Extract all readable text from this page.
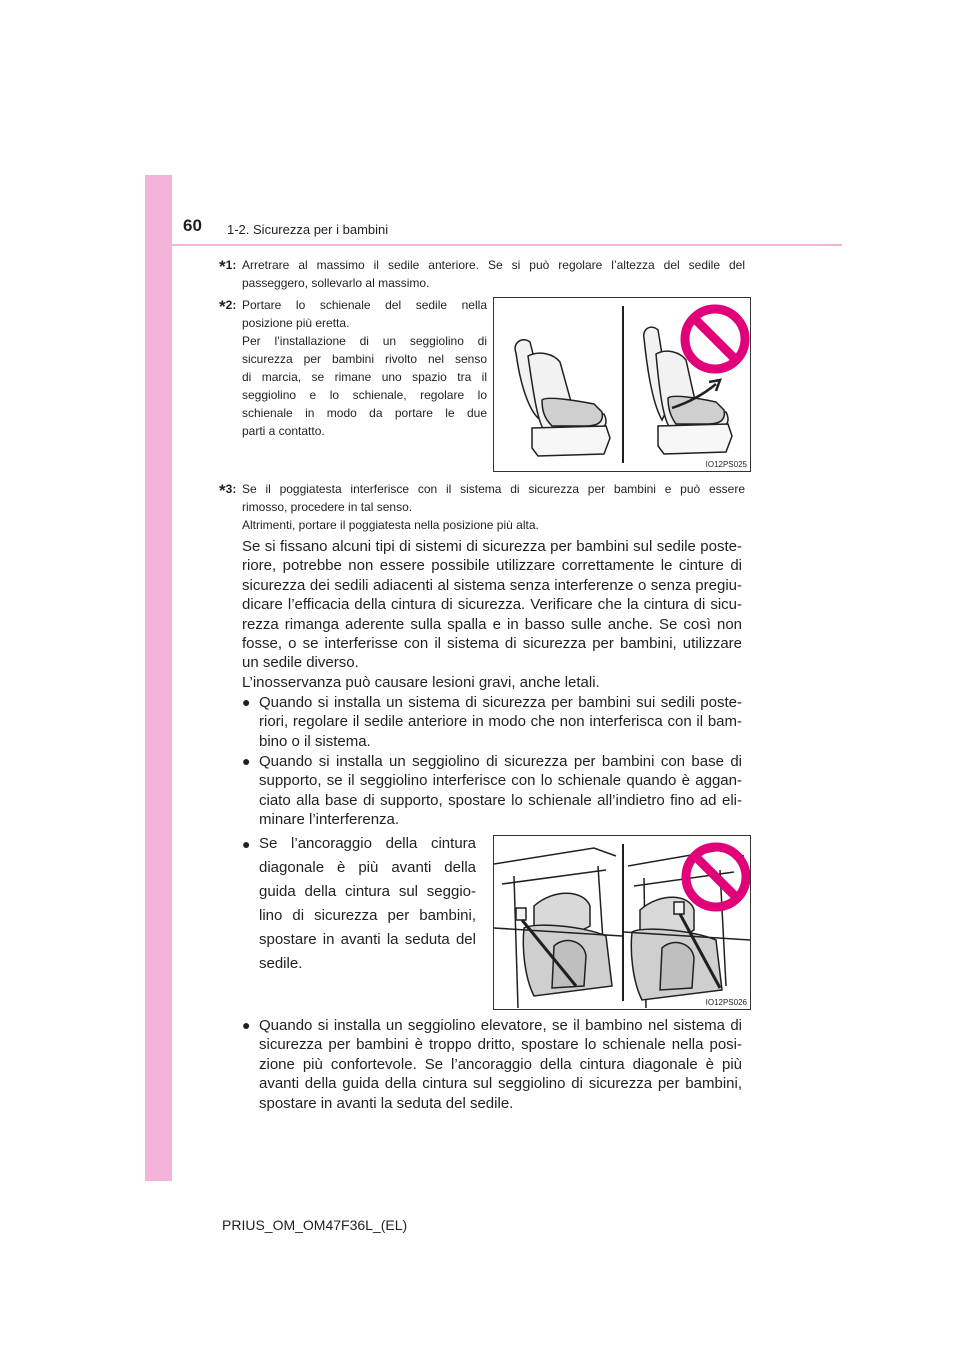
60 1-2. Sicurezza per i bambini
*1: Arretrare al massimo il sedile anteriore. Se si può regolare l’altezza del sedile del
passeggero, sollevarlo al massimo.
*2: Portare lo schienale del sedile nella
posizione più eretta.
Per l’installazione di un seggiolino di
sicurezza per bambini rivolto nel senso
di marcia, se rimane uno spazio tra il
seggiolino e lo schienale, regolare lo
schienale in modo da portare le due
parti a contatto.
IO12PS025
*3: Se il poggiatesta interferisce con il sistema di sicurezza per bambini e può essere
rimosso, procedere in tal senso.
Altrimenti, portare il poggiatesta nella posizione più alta.
Se si fissano alcuni tipi di sistemi di sicurezza per bambini sul sedile poste-
riore, potrebbe non essere possibile utilizzare correttamente le cinture di
sicurezza dei sedili adiacenti al sistema senza interferenze o senza pregiu-
dicare l’efficacia della cintura di sicurezza. Verificare che la cintura di sicu-
rezza rimanga aderente sulla spalla e in basso sulle anche. Se così non
fosse, o se interferisse con il sistema di sicurezza per bambini, utilizzare
un sedile diverso.
L’inosservanza può causare lesioni gravi, anche letali.
● Quando si installa un sistema di sicurezza per bambini sui sedili poste-
riori, regolare il sedile anteriore in modo che non interferisca con il bam-
bino o il sistema.
● Quando si installa un seggiolino di sicurezza per bambini con base di
supporto, se il seggiolino interferisce con lo schienale quando è aggan-
ciato alla base di supporto, spostare lo schienale all’indietro fino ad eli-
minare l’interferenza.
● Se l’ancoraggio della cintura
diagonale è più avanti della
guida della cintura sul seggio-
lino di sicurezza per bambini,
spostare in avanti la seduta del
sedile.
IO12PS026
● Quando si installa un seggiolino elevatore, se il bambino nel sistema di
sicurezza per bambini è troppo dritto, spostare lo schienale nella posi-
zione più confortevole. Se l’ancoraggio della cintura diagonale è più
avanti della guida della cintura sul seggiolino di sicurezza per bambini,
spostare in avanti la seduta del sedile.
PRIUS_OM_OM47F36L_(EL)
